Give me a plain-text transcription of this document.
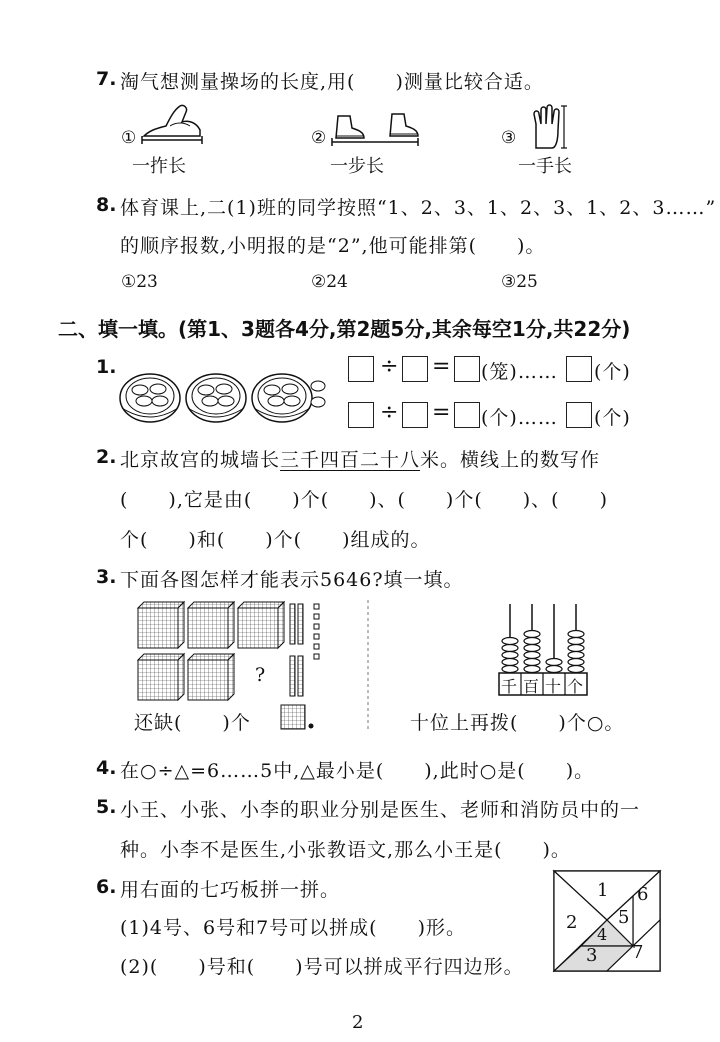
7. 淘气想测量操场的长度,用(　　)测量比较合适。
①
一拃长
②
一步长
③
一手长
8. 体育课上,二(1)班的同学按照“1、2、3、1、2、3、1、2、3……”
的顺序报数,小明报的是“2”,他可能排第(　　)。
①23	②24	③25
二、填一填。(第1、3题各4分,第2题5分,其余每空1分,共22分)
1.	÷ = (笼)…… (个)
÷ = (个)…… (个)
2. 北京故宫的城墙长三千四百二十八米。横线上的数写作
(　　),它是由(　　)个(　　)、(　　)个(　　)、(　　)
个(　　)和(　　)个(　　)组成的。
3. 下面各图怎样才能表示5646?填一填。
?
还缺(　　)个
千 百 十 个
十位上再拨(　　)个○。
4. 在○÷△=6……5中,△最小是(　　),此时○是(　　)。
5. 小王、小张、小李的职业分别是医生、老师和消防员中的一
种。小李不是医生,小张教语文,那么小王是(　　)。
6. 用右面的七巧板拼一拼。
(1)4号、6号和7号可以拼成(　　)形。
(2)(　　)号和(　　)号可以拼成平行四边形。
1
2
3
4
5
6
7
2
